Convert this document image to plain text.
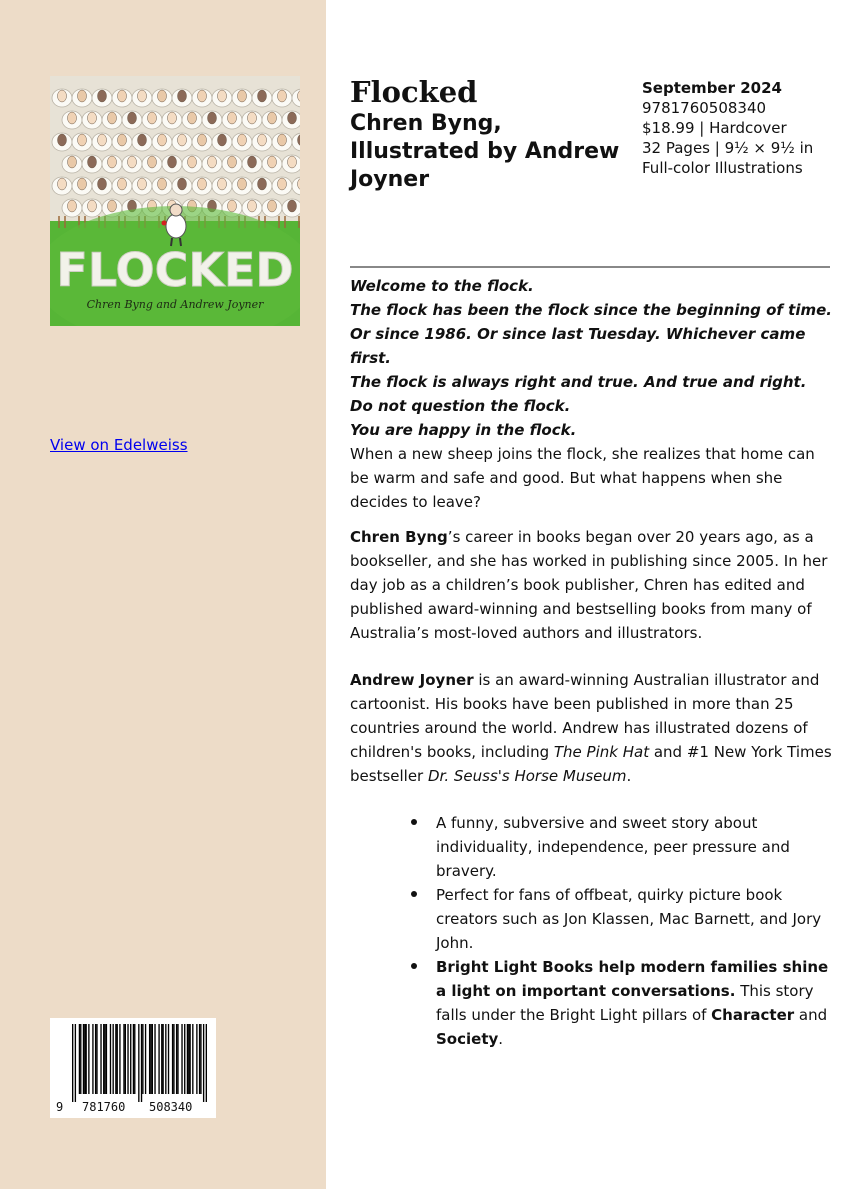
FLOCKED
Chren Byng and Andrew Joyner
View on Edelweiss
9 781760 508340
Flocked
Chren Byng, Illustrated by Andrew Joyner
September 2024
9781760508340
$18.99 | Hardcover
32 Pages | 9½ × 9½ in
Full-color Illustrations

Welcome to the flock.

The flock has been the flock since the beginning of time.

Or since 1986. Or since last Tuesday. Whichever came first.

The flock is always right and true. And true and right.

Do not question the flock.

You are happy in the flock.

When a new sheep joins the flock, she realizes that home can be warm and safe and good. But what happens when she decides to leave?

Chren Byng’s career in books began over 20 years ago, as a bookseller, and she has worked in publishing since 2005. In her day job as a children’s book publisher, Chren has edited and published award-winning and bestselling books from many of Australia’s most-loved authors and illustrators.

Andrew Joyner is an award-winning Australian illustrator and cartoonist. His books have been published in more than 25 countries around the world. Andrew has illustrated dozens of children's books, including The Pink Hat and #1 New York Times bestseller Dr. Seuss's Horse Museum.

A funny, subversive and sweet story about individuality, independence, peer pressure and bravery.
Perfect for fans of offbeat, quirky picture book creators such as Jon Klassen, Mac Barnett, and Jory John.
Bright Light Books help modern families shine a light on important conversations. This story falls under the Bright Light pillars of Character and Society.
